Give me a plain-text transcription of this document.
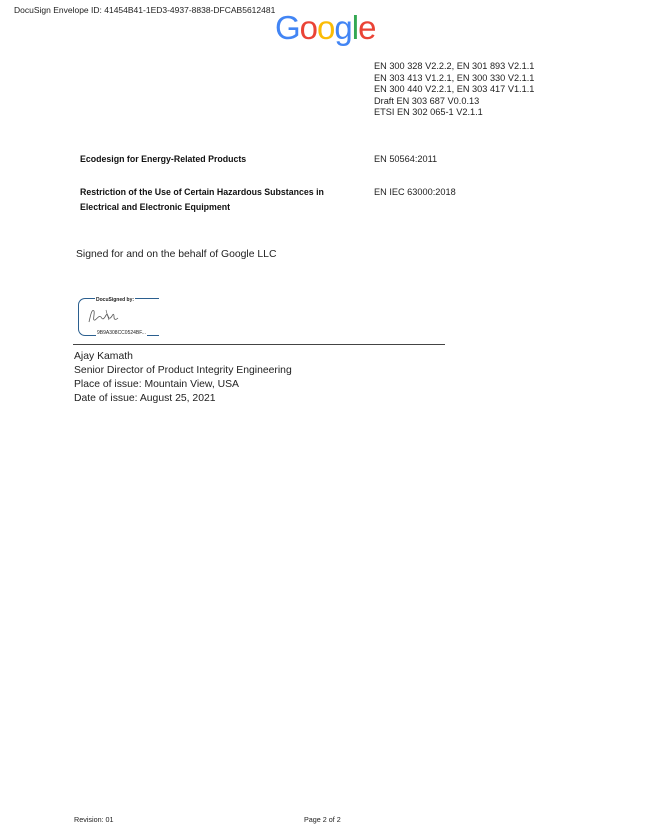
DocuSign Envelope ID: 41454B41-1ED3-4937-8838-DFCAB5612481 Google
EN 300 328 V2.2.2, EN 301 893 V2.1.1
EN 303 413 V1.2.1, EN 300 330 V2.1.1
EN 300 440 V2.2.1, EN 303 417 V1.1.1
Draft EN 303 687 V0.0.13
ETSI EN 302 065-1 V2.1.1
Ecodesign for Energy-Related Products	EN 50564:2011
Restriction of the Use of Certain Hazardous Substances in
Electrical and Electronic Equipment
EN IEC 63000:2018
Signed for and on the behalf of Google LLC
DocuSigned by:
9B9A308CC0524BF...
Ajay Kamath
Senior Director of Product Integrity Engineering
Place of issue: Mountain View, USA
Date of issue: August 25, 2021
Revision: 01	Page 2 of 2
